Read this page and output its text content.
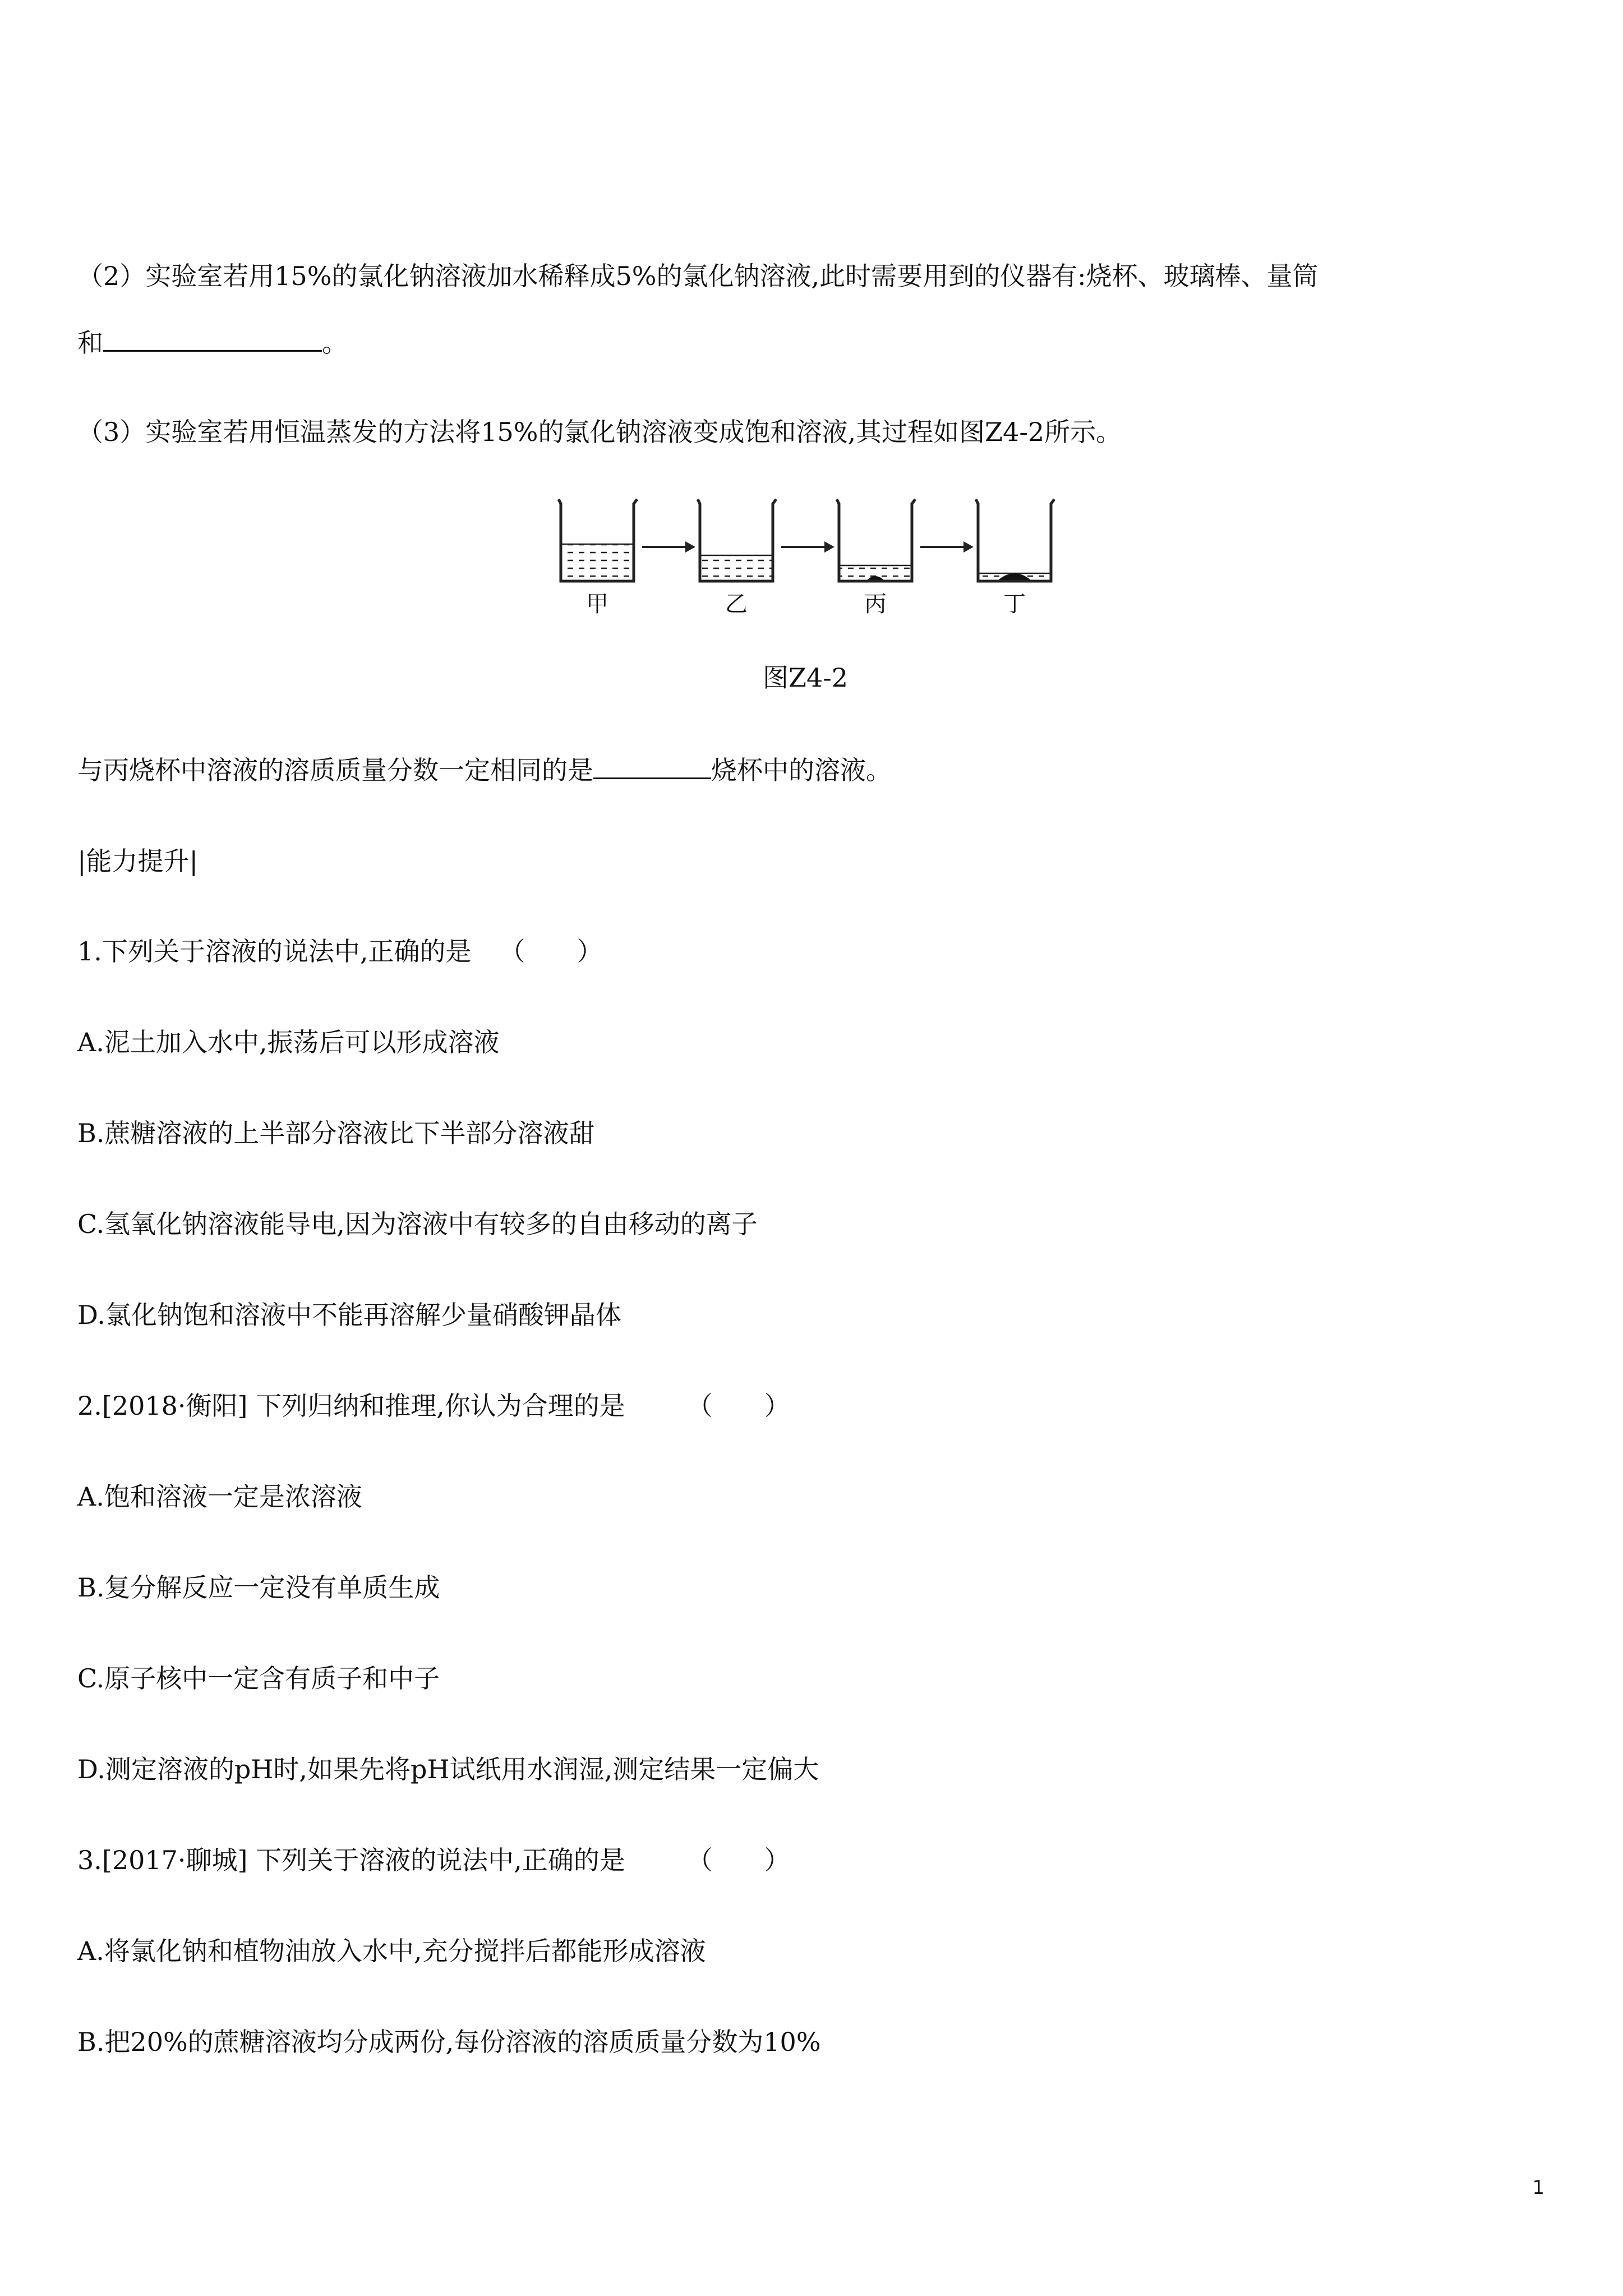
（2）实验室若用15%的氯化钠溶液加水稀释成5%的氯化钠溶液,此时需要用到的仪器有:烧杯、玻璃棒、量筒
和	。
（3）实验室若用恒温蒸发的方法将15%的氯化钠溶液变成饱和溶液,其过程如图Z4-2所示。
甲	乙	丙	丁
图Z4-2
与丙烧杯中溶液的溶质质量分数一定相同的是	烧杯中的溶液。
|能力提升|
1.下列关于溶液的说法中,正确的是 （　　）
A.泥土加入水中,振荡后可以形成溶液
B.蔗糖溶液的上半部分溶液比下半部分溶液甜
C.氢氧化钠溶液能导电,因为溶液中有较多的自由移动的离子
D.氯化钠饱和溶液中不能再溶解少量硝酸钾晶体
2.[2018·衡阳] 下列归纳和推理,你认为合理的是 （　　）
A.饱和溶液一定是浓溶液
B.复分解反应一定没有单质生成
C.原子核中一定含有质子和中子
D.测定溶液的pH时,如果先将pH试纸用水润湿,测定结果一定偏大
3.[2017·聊城] 下列关于溶液的说法中,正确的是 （　　）
A.将氯化钠和植物油放入水中,充分搅拌后都能形成溶液
B.把20%的蔗糖溶液均分成两份,每份溶液的溶质质量分数为10%
1
